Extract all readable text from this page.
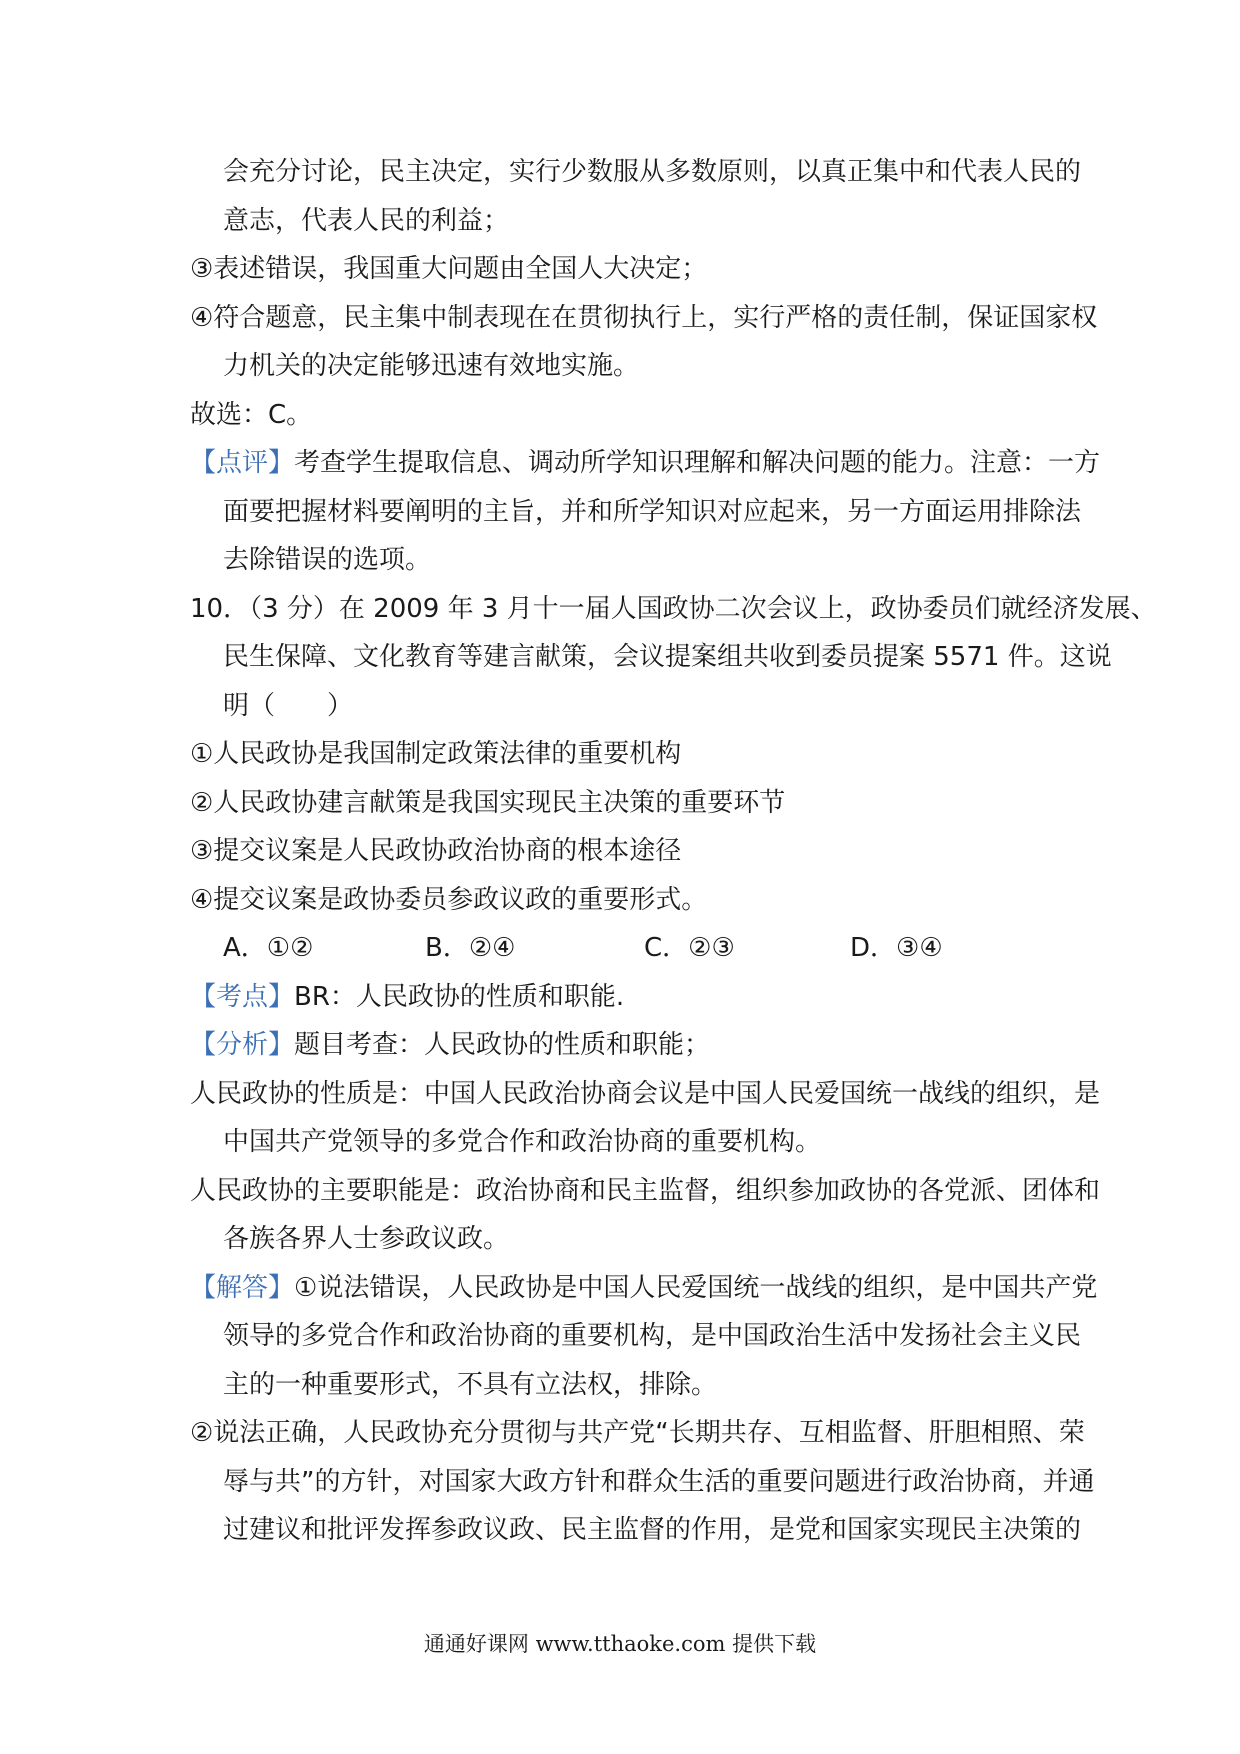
会充分讨论，民主决定，实行少数服从多数原则，以真正集中和代表人民的
意志，代表人民的利益；
③表述错误，我国重大问题由全国人大决定；
④符合题意，民主集中制表现在在贯彻执行上，实行严格的责任制，保证国家权
力机关的决定能够迅速有效地实施。
故选：C。
【点评】考查学生提取信息、调动所学知识理解和解决问题的能力。注意：一方
面要把握材料要阐明的主旨，并和所学知识对应起来，另一方面运用排除法
去除错误的选项。
10．（3 分）在 2009 年 3 月十一届人国政协二次会议上，政协委员们就经济发展、
民生保障、文化教育等建言献策，会议提案组共收到委员提案 5571 件。这说
明（　　）
①人民政协是我国制定政策法律的重要机构
②人民政协建言献策是我国实现民主决策的重要环节
③提交议案是人民政协政治协商的根本途径
④提交议案是政协委员参政议政的重要形式。
A．①②	B．②④	C．②③	D．③④
【考点】BR：人民政协的性质和职能.
【分析】题目考查：人民政协的性质和职能；
人民政协的性质是：中国人民政治协商会议是中国人民爱国统一战线的组织，是
中国共产党领导的多党合作和政治协商的重要机构。
人民政协的主要职能是：政治协商和民主监督，组织参加政协的各党派、团体和
各族各界人士参政议政。
【解答】①说法错误，人民政协是中国人民爱国统一战线的组织，是中国共产党
领导的多党合作和政治协商的重要机构，是中国政治生活中发扬社会主义民
主的一种重要形式，不具有立法权，排除。
②说法正确，人民政协充分贯彻与共产党“长期共存、互相监督、肝胆相照、荣
辱与共”的方针，对国家大政方针和群众生活的重要问题进行政治协商，并通
过建议和批评发挥参政议政、民主监督的作用，是党和国家实现民主决策的
通通好课网 www.tthaoke.com 提供下载
